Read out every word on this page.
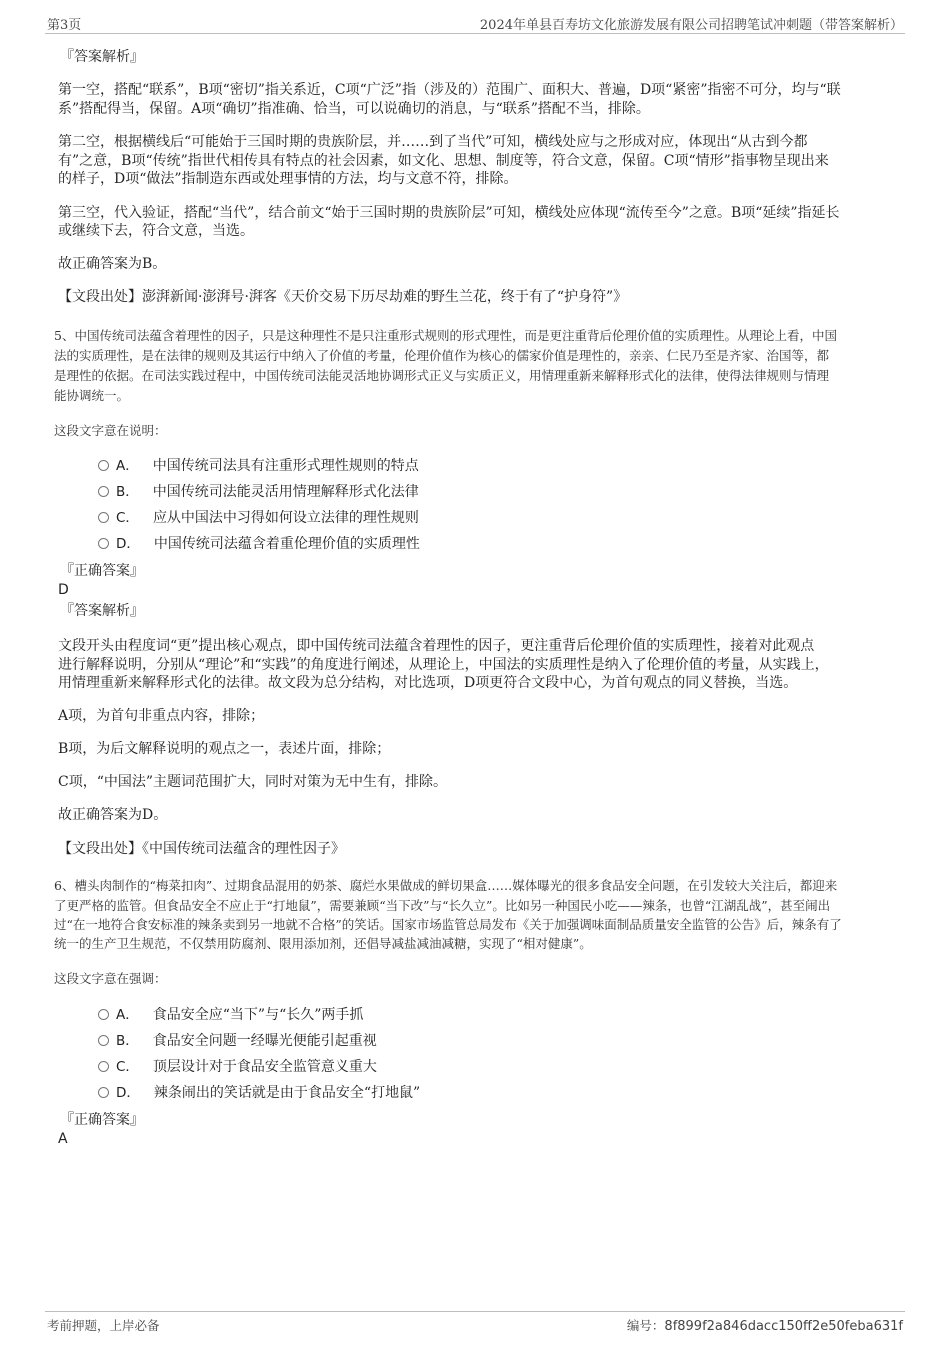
第3页	2024年单县百寿坊文化旅游发展有限公司招聘笔试冲刺题（带答案解析）
『答案解析』
第一空，搭配“联系”，B项“密切”指关系近，C项“广泛”指（涉及的）范围广、面积大、普遍，D项“紧密”指密不可分，均与“联
系”搭配得当，保留。A项“确切”指准确、恰当，可以说确切的消息，与“联系”搭配不当，排除。
第二空，根据横线后“可能始于三国时期的贵族阶层，并……到了当代”可知，横线处应与之形成对应，体现出“从古到今都
有”之意，B项“传统”指世代相传具有特点的社会因素，如文化、思想、制度等，符合文意，保留。C项“情形”指事物呈现出来
的样子，D项“做法”指制造东西或处理事情的方法，均与文意不符，排除。
第三空，代入验证，搭配“当代”，结合前文“始于三国时期的贵族阶层”可知，横线处应体现“流传至今”之意。B项“延续”指延长
或继续下去，符合文意，当选。
故正确答案为B。
【文段出处】澎湃新闻·澎湃号·湃客《天价交易下历尽劫难的野生兰花，终于有了“护身符”》
5、中国传统司法蕴含着理性的因子，只是这种理性不是只注重形式规则的形式理性，而是更注重背后伦理价值的实质理性。从理论上看，中国
法的实质理性，是在法律的规则及其运行中纳入了价值的考量，伦理价值作为核心的儒家价值是理性的，亲亲、仁民乃至是齐家、治国等，都
是理性的依据。在司法实践过程中，中国传统司法能灵活地协调形式正义与实质正义，用情理重新来解释形式化的法律，使得法律规则与情理
能协调统一。
这段文字意在说明：
A． 中国传统司法具有注重形式理性规则的特点
B． 中国传统司法能灵活用情理解释形式化法律
C． 应从中国法中习得如何设立法律的理性规则
D． 中国传统司法蕴含着重伦理价值的实质理性
『正确答案』
D
『答案解析』
文段开头由程度词“更”提出核心观点，即中国传统司法蕴含着理性的因子，更注重背后伦理价值的实质理性，接着对此观点
进行解释说明，分别从“理论”和“实践”的角度进行阐述，从理论上，中国法的实质理性是纳入了伦理价值的考量，从实践上，
用情理重新来解释形式化的法律。故文段为总分结构，对比选项，D项更符合文段中心，为首句观点的同义替换，当选。
A项，为首句非重点内容，排除；
B项，为后文解释说明的观点之一，表述片面，排除；
C项，“中国法”主题词范围扩大，同时对策为无中生有，排除。
故正确答案为D。
【文段出处】《中国传统司法蕴含的理性因子》
6、槽头肉制作的“梅菜扣肉”、过期食品混用的奶茶、腐烂水果做成的鲜切果盒……媒体曝光的很多食品安全问题，在引发较大关注后，都迎来
了更严格的监管。但食品安全不应止于“打地鼠”，需要兼顾“当下改”与“长久立”。比如另一种国民小吃——辣条，也曾“江湖乱战”，甚至闹出
过“在一地符合食安标准的辣条卖到另一地就不合格”的笑话。国家市场监管总局发布《关于加强调味面制品质量安全监管的公告》后，辣条有了
统一的生产卫生规范，不仅禁用防腐剂、限用添加剂，还倡导减盐减油减糖，实现了“相对健康”。
这段文字意在强调：
A． 食品安全应“当下”与“长久”两手抓
B． 食品安全问题一经曝光便能引起重视
C． 顶层设计对于食品安全监管意义重大
D． 辣条闹出的笑话就是由于食品安全“打地鼠”
『正确答案』
A
考前押题，上岸必备	编号：8f899f2a846dacc150ff2e50feba631f
